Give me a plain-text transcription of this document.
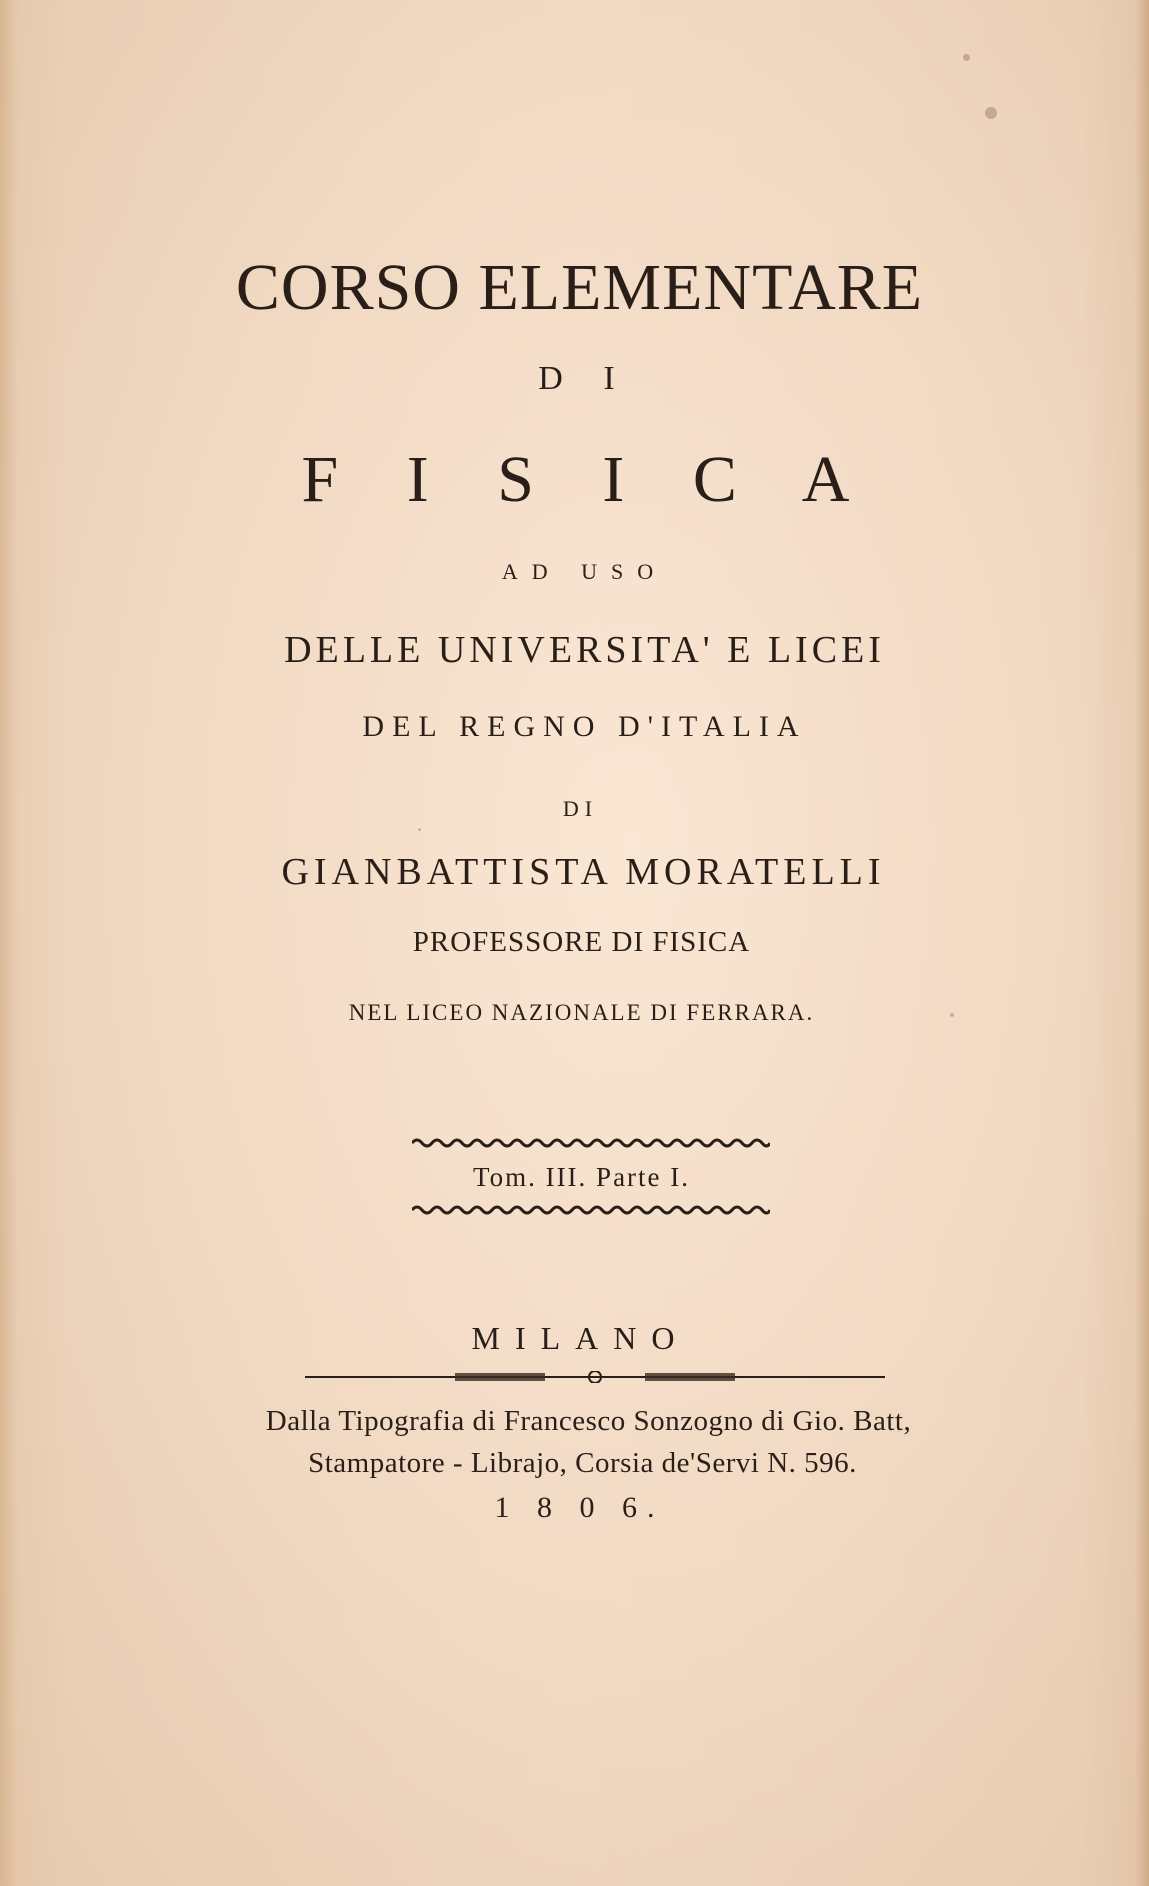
CORSO ELEMENTARE
D I
F I S I C A
AD USO
DELLE UNIVERSITA' E LICEI
DEL REGNO D'ITALIA
DI
GIANBATTISTA MORATELLI
PROFESSORE DI FISICA
NEL LICEO NAZIONALE DI FERRARA.
Tom. III. Parte I.
MILANO
Dalla Tipografia di Francesco Sonzogno di Gio. Batt,
Stampatore - Librajo, Corsia de'Servi N. 596.
1 8 0 6.
